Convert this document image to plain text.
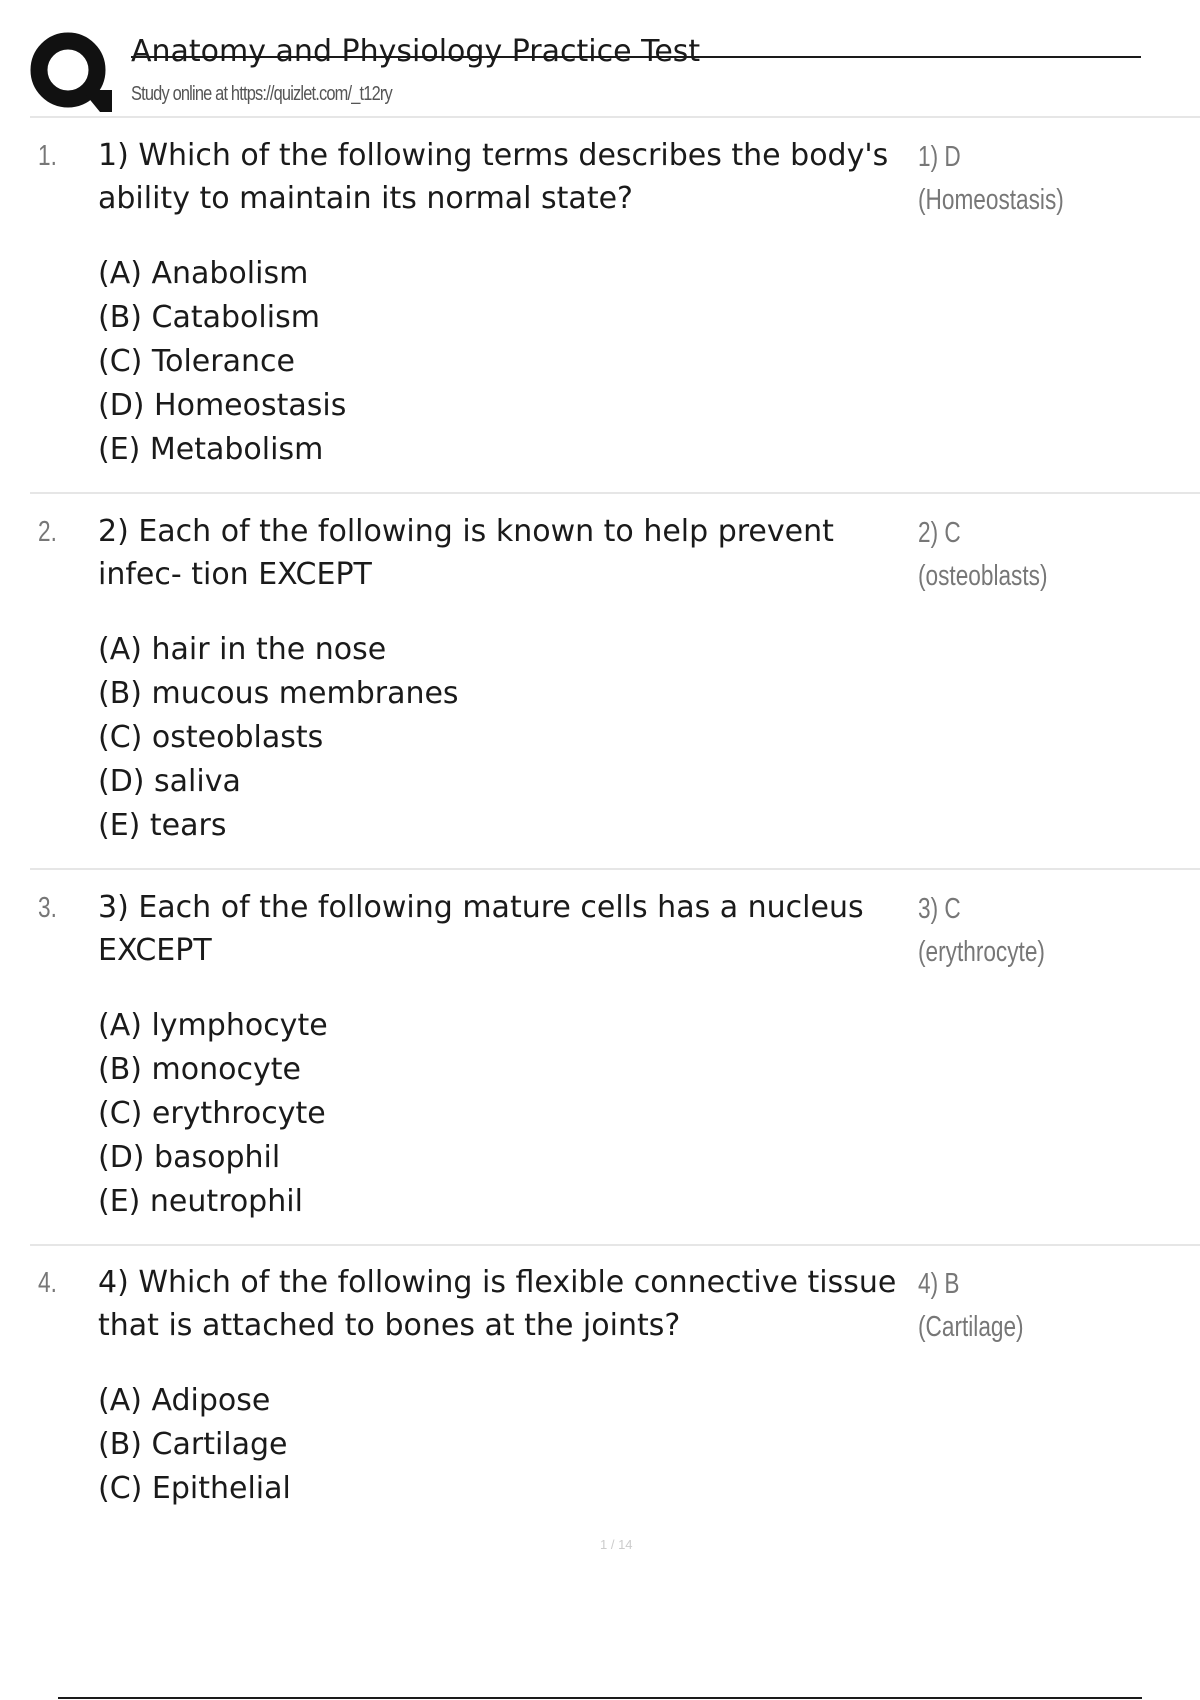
Anatomy and Physiology Practice Test
Study online at https://quizlet.com/_t12ry
1. 1) Which of the following terms describes the body's ability to maintain its normal state?
(A) Anabolism
(B) Catabolism
(C) Tolerance
(D) Homeostasis
(E) Metabolism
1) D
(Homeostasis)
2. 2) Each of the following is known to help prevent infec- tion EXCEPT
(A) hair in the nose
(B) mucous membranes
(C) osteoblasts
(D) saliva
(E) tears
2) C
(osteoblasts)
3. 3) Each of the following mature cells has a nucleus EXCEPT
(A) lymphocyte
(B) monocyte
(C) erythrocyte
(D) basophil
(E) neutrophil
3) C
(erythrocyte)
4. 4) Which of the following is flexible connective tissue that is attached to bones at the joints?
(A) Adipose
(B) Cartilage
(C) Epithelial
4) B
(Cartilage)
1 / 14
